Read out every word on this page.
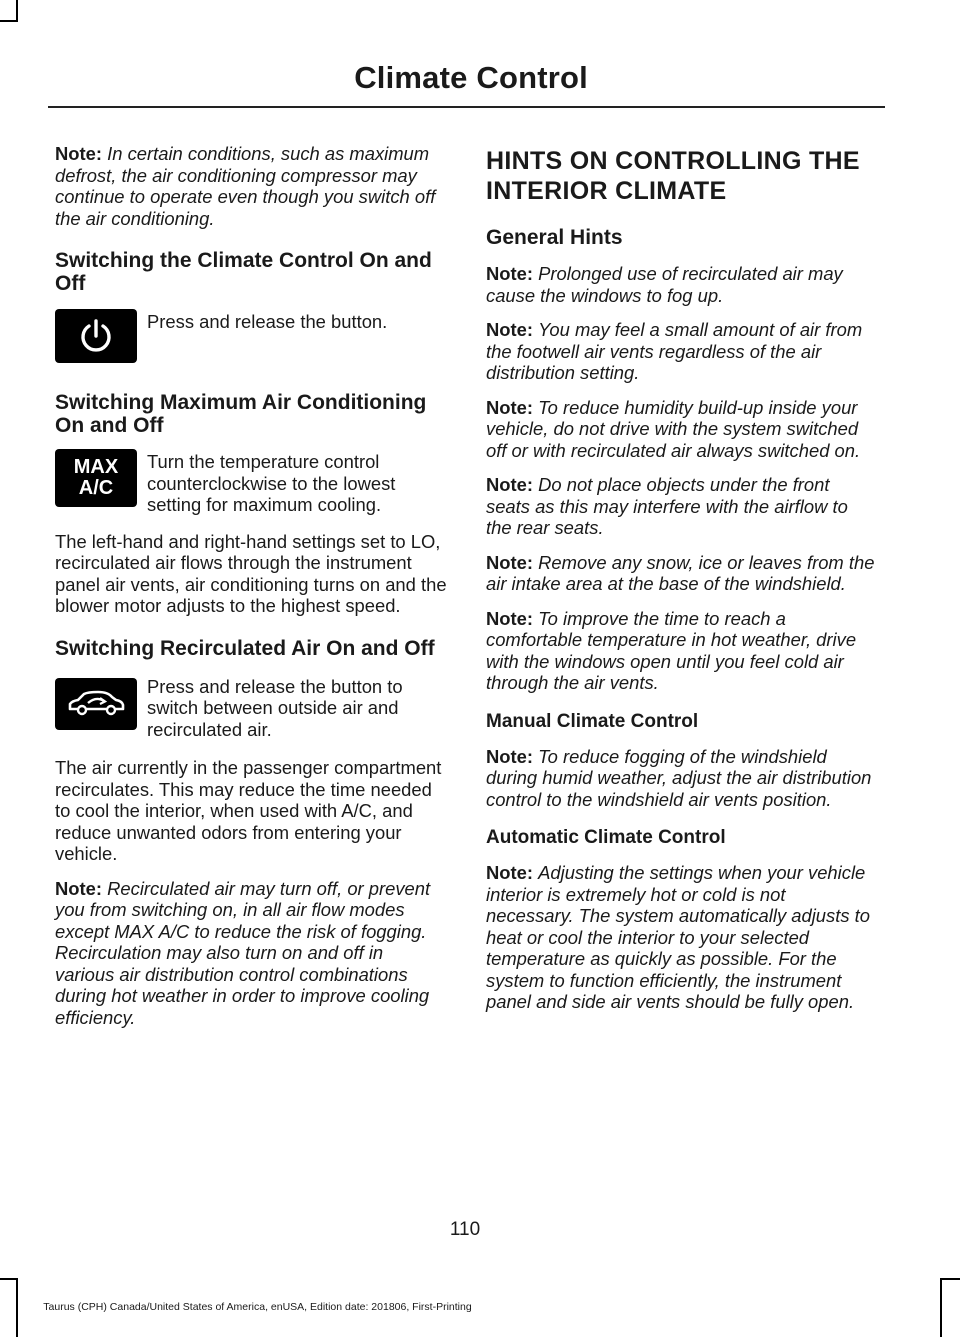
Climate Control

Note: In certain conditions, such as maximum defrost, the air conditioning compressor may continue to operate even though you switch off the air conditioning.

Switching the Climate Control On and Off

Press and release the button.

Switching Maximum Air Conditioning On and Off
MAX
A/C

Turn the temperature control counterclockwise to the lowest setting for maximum cooling.

The left-hand and right-hand settings set to LO, recirculated air flows through the instrument panel air vents, air conditioning turns on and the blower motor adjusts to the highest speed.

Switching Recirculated Air On and Off

Press and release the button to switch between outside air and recirculated air.

The air currently in the passenger compartment recirculates. This may reduce the time needed to cool the interior, when used with A/C, and reduce unwanted odors from entering your vehicle.

Note: Recirculated air may turn off, or prevent you from switching on, in all air flow modes except MAX A/C to reduce the risk of fogging. Recirculation may also turn on and off in various air distribution control combinations during hot weather in order to improve cooling efficiency.

HINTS ON CONTROLLING THE INTERIOR CLIMATE
General Hints

Note: Prolonged use of recirculated air may cause the windows to fog up.

Note: You may feel a small amount of air from the footwell air vents regardless of the air distribution setting.

Note: To reduce humidity build-up inside your vehicle, do not drive with the system switched off or with recirculated air always switched on.

Note: Do not place objects under the front seats as this may interfere with the airflow to the rear seats.

Note: Remove any snow, ice or leaves from the air intake area at the base of the windshield.

Note: To improve the time to reach a comfortable temperature in hot weather, drive with the windows open until you feel cold air through the air vents.

Manual Climate Control

Note: To reduce fogging of the windshield during humid weather, adjust the air distribution control to the windshield air vents position.

Automatic Climate Control

Note: Adjusting the settings when your vehicle interior is extremely hot or cold is not necessary. The system automatically adjusts to heat or cool the interior to your selected temperature as quickly as possible. For the system to function efficiently, the instrument panel and side air vents should be fully open.

110
Taurus (CPH) Canada/United States of America, enUSA, Edition date: 201806, First-Printing
